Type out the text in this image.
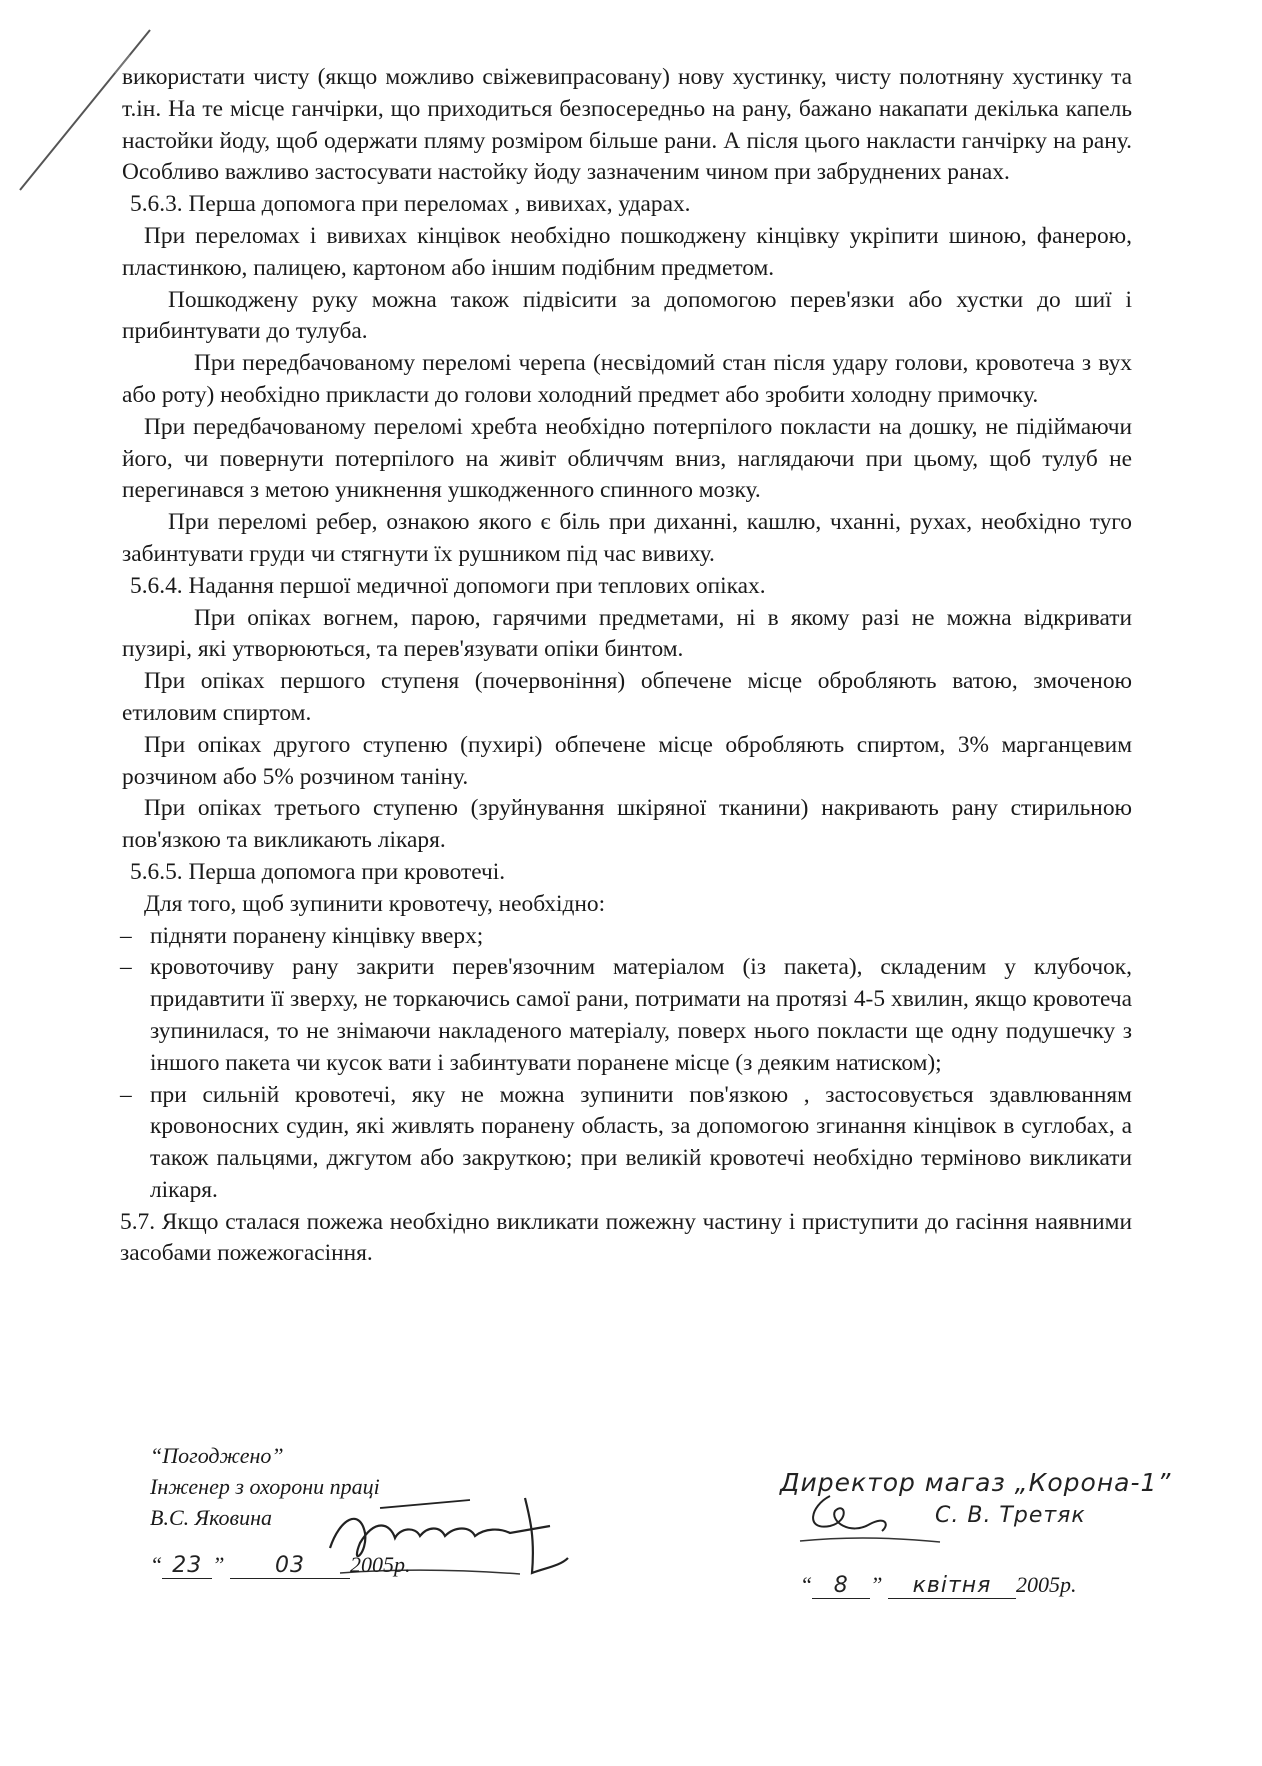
використати чисту (якщо можливо свіжевипрасовану) нову хустинку, чисту полотняну хустинку та т.ін. На те місце ганчірки, що приходиться безпосередньо на рану, бажано накапати декілька капель настойки йоду, щоб одержати пляму розміром більше рани. А після цього накласти ганчірку на рану. Особливо важливо застосувати настойку йоду зазначеним чином при забруднених ранах.

5.6.3. Перша допомога при переломах , вивихах, ударах.

При переломах і вивихах кінцівок необхідно пошкоджену кінцівку укріпити шиною, фанерою, пластинкою, палицею, картоном або іншим подібним предметом.

Пошкоджену руку можна також підвісити за допомогою перев'язки або хустки до шиї і прибинтувати до тулуба.

При передбачованому переломі черепа (несвідомий стан після удару голови, кровотеча з вух або роту) необхідно прикласти до голови холодний предмет або зробити холодну примочку.

При передбачованому переломі хребта необхідно потерпілого покласти на дошку, не підіймаючи його, чи повернути потерпілого на живіт обличчям вниз, наглядаючи при цьому, щоб тулуб не перегинався з метою уникнення ушкодженного спинного мозку.

При переломі ребер, ознакою якого є біль при диханні, кашлю, чханні, рухах, необхідно туго забинтувати груди чи стягнути їх рушником під час вивиху.

5.6.4. Надання першої медичної допомоги при теплових опіках.

При опіках вогнем, парою, гарячими предметами, ні в якому разі не можна відкривати пузирі, які утворюються, та перев'язувати опіки бинтом.

При опіках першого ступеня (почервоніння) обпечене місце обробляють ватою, змоченою етиловим спиртом.

При опіках другого ступеню (пухирі) обпечене місце обробляють спиртом, 3% марганцевим розчином або 5% розчином таніну.

При опіках третього ступеню (зруйнування шкіряної тканини) накривають рану стирильною пов'язкою та викликають лікаря.

5.6.5. Перша допомога при кровотечі.

Для того, щоб зупинити кровотечу, необхідно:

– підняти поранену кінцівку вверх;

– кровоточиву рану закрити перев'язочним матеріалом (із пакета), складеним у клубочок, придавтити її зверху, не торкаючись самої рани, потримати на протязі 4-5 хвилин, якщо кровотеча зупинилася, то не знімаючи накладеного матеріалу, поверх нього покласти ще одну подушечку з іншого пакета чи кусок вати і забинтувати поранене місце (з деяким натиском);

– при сильній кровотечі, яку не можна зупинити пов'язкою , застосовується здавлюванням кровоносних судин, які живлять поранену область, за допомогою згинання кінцівок в суглобах, а також пальцями, джгутом або закруткою; при великій кровотечі необхідно терміново викликати лікаря.

5.7. Якщо сталася пожежа необхідно викликати пожежну частину і приступити до гасіння наявними засобами пожежогасіння.

“Погоджено”
Інженер з охорони праці
В.С. Яковина
“ 23 ” 03 2005р.
Директор магаз „Корона-1”
С. В. Третяк
“ 8 ” квітня 2005р.
